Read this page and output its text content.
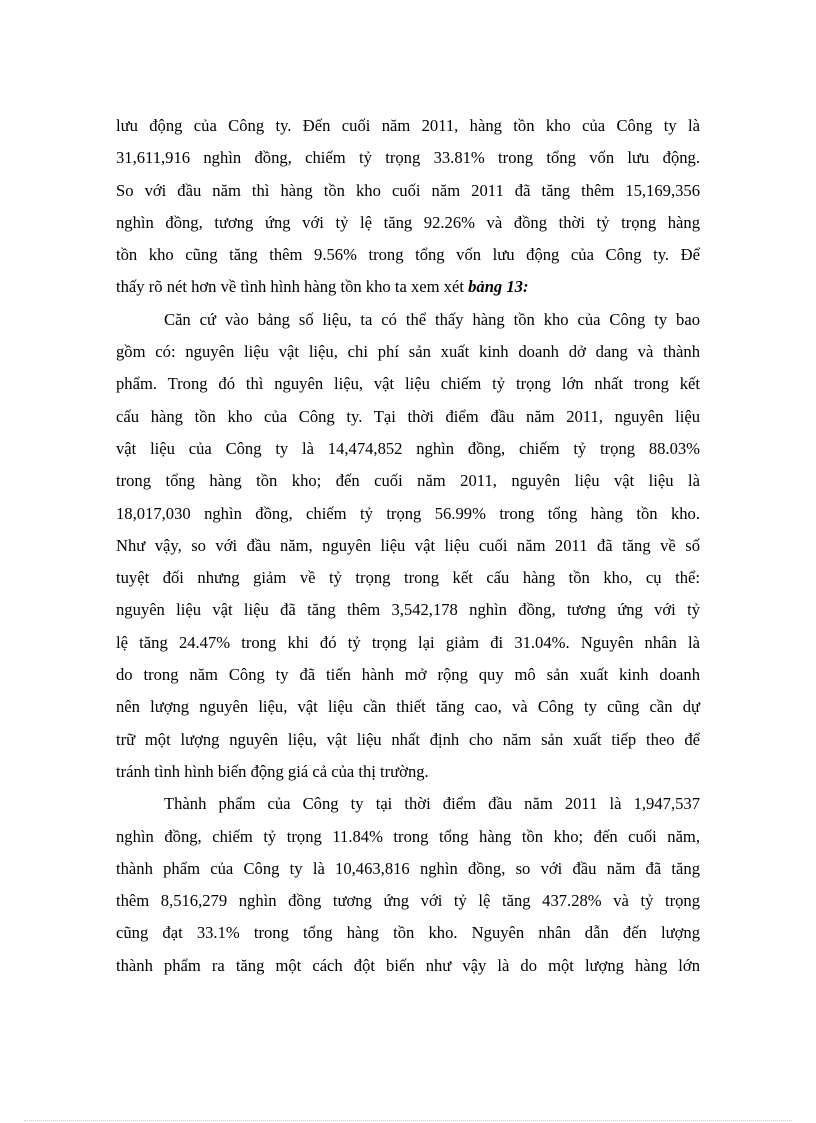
lưu động của Công ty. Đến cuối năm 2011, hàng tồn kho của Công ty là
31,611,916 nghìn đồng, chiếm tỷ trọng 33.81% trong tổng vốn lưu động.
So với đầu năm thì hàng tồn kho cuối năm 2011 đã tăng thêm 15,169,356
nghìn đồng, tương ứng với tỷ lệ tăng 92.26% và đồng thời tỷ trọng hàng
tồn kho cũng tăng thêm 9.56% trong tổng vốn lưu động của Công ty. Để
thấy rõ nét hơn về tình hình hàng tồn kho ta xem xét bảng 13:
Căn cứ vào bảng số liệu, ta có thể thấy hàng tồn kho của Công ty bao
gồm có: nguyên liệu vật liệu, chi phí sản xuất kinh doanh dở dang và thành
phẩm. Trong đó thì nguyên liệu, vật liệu chiếm tỷ trọng lớn nhất trong kết
cấu hàng tồn kho của Công ty. Tại thời điểm đầu năm 2011, nguyên liệu
vật liệu của Công ty là 14,474,852 nghìn đồng, chiếm tỷ trọng 88.03%
trong tổng hàng tồn kho; đến cuối năm 2011, nguyên liệu vật liệu là
18,017,030 nghìn đồng, chiếm tỷ trọng 56.99% trong tổng hàng tồn kho.
Như vậy, so với đầu năm, nguyên liệu vật liệu cuối năm 2011 đã tăng về số
tuyệt đối nhưng giảm về tỷ trọng trong kết cấu hàng tồn kho, cụ thể:
nguyên liệu vật liệu đã tăng thêm 3,542,178 nghìn đồng, tương ứng với tỷ
lệ tăng 24.47% trong khi đó tỷ trọng lại giảm đi 31.04%. Nguyên nhân là
do trong năm Công ty đã tiến hành mở rộng quy mô sản xuất kinh doanh
nên lượng nguyên liệu, vật liệu cần thiết tăng cao, và Công ty cũng cần dự
trữ một lượng nguyên liệu, vật liệu nhất định cho năm sản xuất tiếp theo để
tránh tình hình biến động giá cả của thị trường.
Thành phẩm của Công ty tại thời điểm đầu năm 2011 là 1,947,537
nghìn đồng, chiếm tỷ trọng 11.84% trong tổng hàng tồn kho; đến cuối năm,
thành phẩm của Công ty là 10,463,816 nghìn đồng, so với đầu năm đã tăng
thêm 8,516,279 nghìn đồng tương ứng với tỷ lệ tăng 437.28% và tỷ trọng
cũng đạt 33.1% trong tổng hàng tồn kho. Nguyên nhân dẫn đến lượng
thành phẩm ra tăng một cách đột biến như vậy là do một lượng hàng lớn
